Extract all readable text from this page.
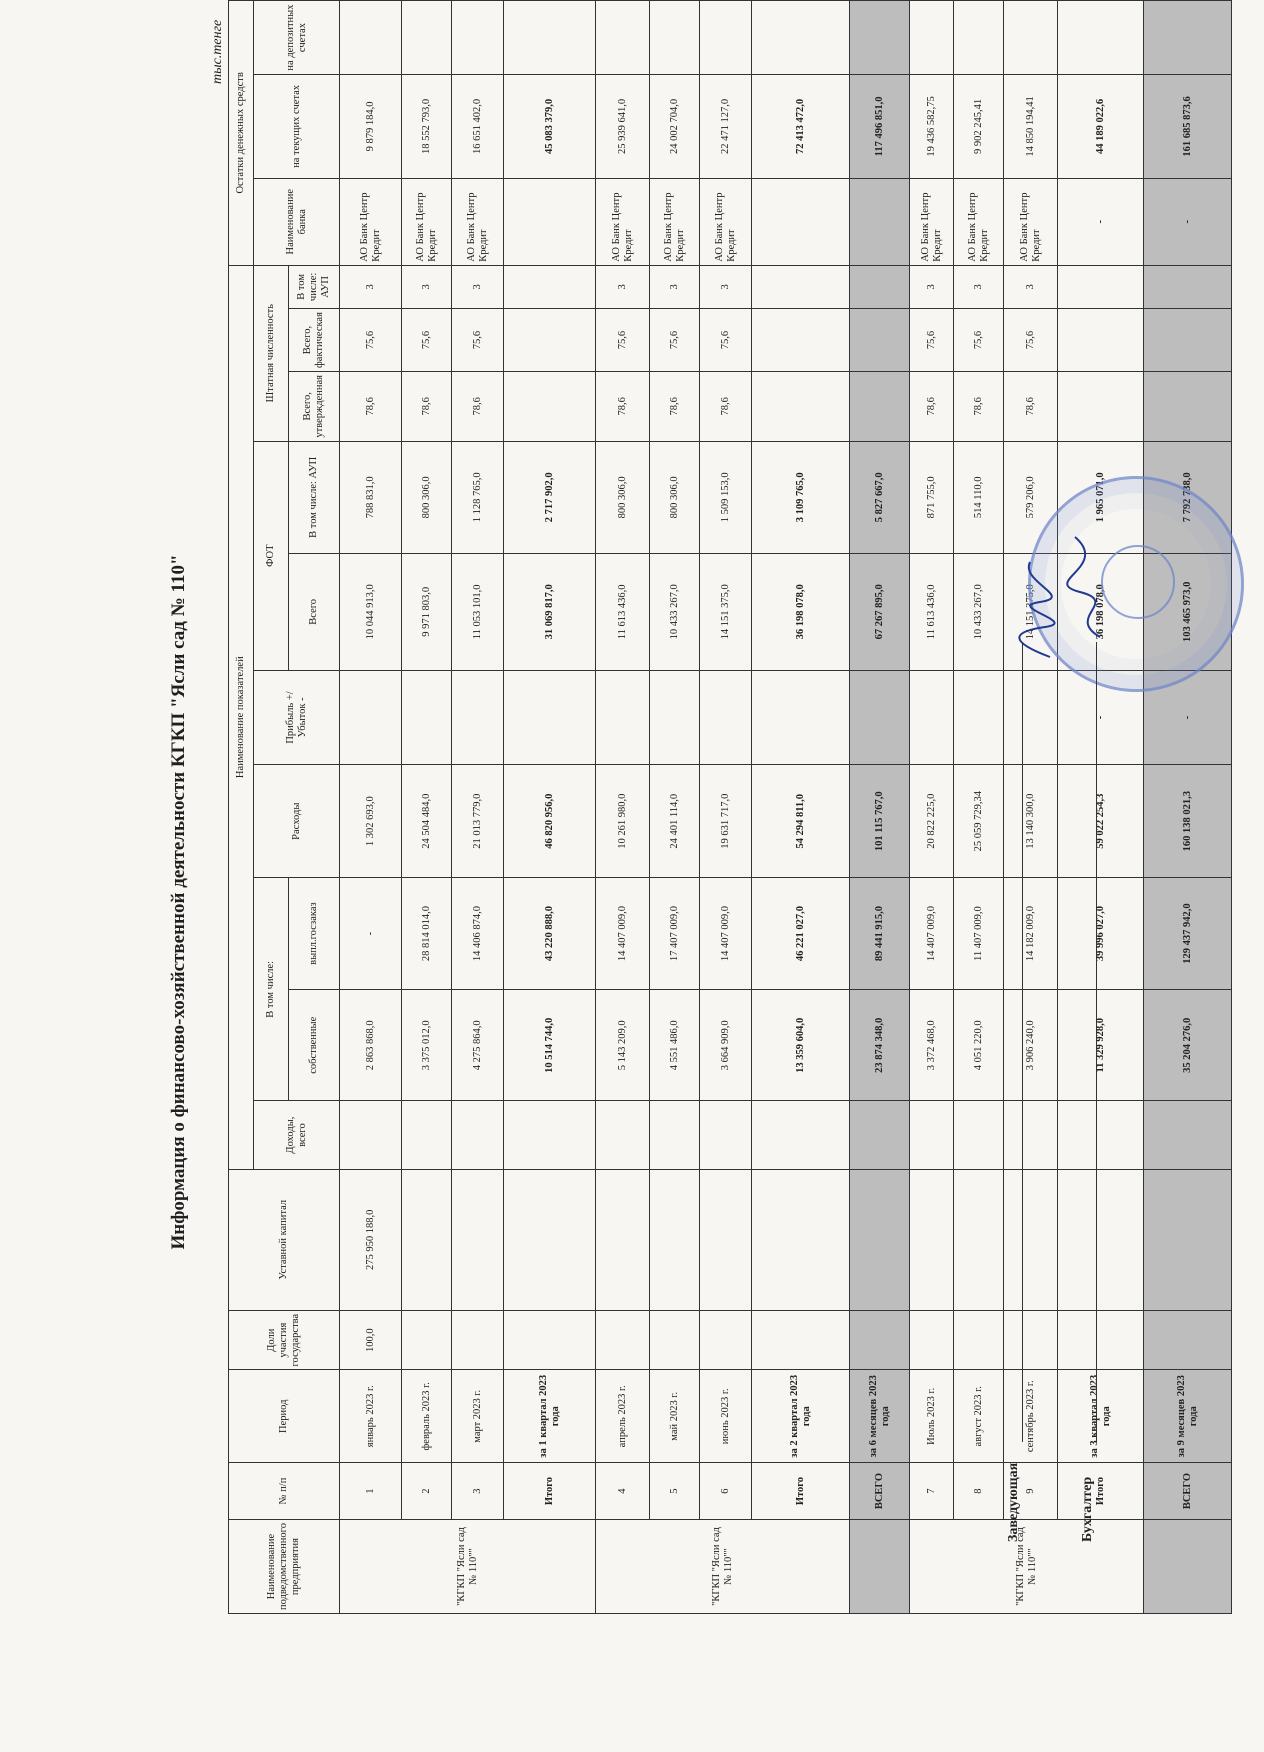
Информация о финансово-хозяйственной деятельности КГКП "Ясли сад № 110"
тыс.тенге
Наименование подведомственного предприятия	№ п/п	Период	Доли участия государства	Уставной капитал	Наименование показателей										Остатки денежных средств		
					Доходы, всего	В том числе:		Расходы	Прибыль +/ Убыток -	ФОТ		Штатная численность			Наименование банка	на текущих счетах	на депозитных счетах
						собственные	выпл.госзаказ			Всего	В том числе: АУП	Всего, утвержденная	Всего, фактическая	В том числе: АУП			
"КГКП "Ясли сад № 110""	1	январь 2023 г.	100,0	275 950 188,0		2 863 868,0	-	1 302 693,0		10 044 913,0	788 831,0	78,6	75,6	3	АО Банк Центр Кредит	9 879 184,0	
	2	февраль 2023 г.				3 375 012,0	28 814 014,0	24 504 484,0		9 971 803,0	800 306,0	78,6	75,6	3	АО Банк Центр Кредит	18 552 793,0	
	3	март 2023 г.				4 275 864,0	14 406 874,0	21 013 779,0		11 053 101,0	1 128 765,0	78,6	75,6	3	АО Банк Центр Кредит	16 651 402,0	
	Итого	за 1 квартал 2023 года				10 514 744,0	43 220 888,0	46 820 956,0		31 069 817,0	2 717 902,0					45 083 379,0	
"КГКП "Ясли сад № 110""	4	апрель 2023 г.				5 143 209,0	14 407 009,0	10 261 980,0		11 613 436,0	800 306,0	78,6	75,6	3	АО Банк Центр Кредит	25 939 641,0	
	5	май 2023 г.				4 551 486,0	17 407 009,0	24 401 114,0		10 433 267,0	800 306,0	78,6	75,6	3	АО Банк Центр Кредит	24 002 704,0	
	6	июнь 2023 г.				3 664 909,0	14 407 009,0	19 631 717,0		14 151 375,0	1 509 153,0	78,6	75,6	3	АО Банк Центр Кредит	22 471 127,0	
	Итого	за 2 квартал 2023 года				13 359 604,0	46 221 027,0	54 294 811,0		36 198 078,0	3 109 765,0					72 413 472,0	
	ВСЕГО	за 6 месяцев 2023 года				23 874 348,0	89 441 915,0	101 115 767,0		67 267 895,0	5 827 667,0					117 496 851,0	
"КГКП "Ясли сад № 110""	7	Июль 2023 г.				3 372 468,0	14 407 009,0	20 822 225,0		11 613 436,0	871 755,0	78,6	75,6	3	АО Банк Центр Кредит	19 436 582,75	
	8	август 2023 г.				4 051 220,0	11 407 009,0	25 059 729,34		10 433 267,0	514 110,0	78,6	75,6	3	АО Банк Центр Кредит	9 902 245,41	
	9	сентябрь 2023 г.				3 906 240,0	14 182 009,0	13 140 300,0		14 151 375,0	579 206,0	78,6	75,6	3	АО Банк Центр Кредит	14 850 194,41	
	Итого	за 3 квартал 2023 года				11 329 928,0	39 996 027,0	59 022 254,3	-	36 198 078,0	1 965 071,0				-	44 189 022,6	
	ВСЕГО	за 9 месяцев 2023 года				35 204 276,0	129 437 942,0	160 138 021,3	-	103 465 973,0	7 792 738,0				-	161 685 873,6	
Заведующая	Бухгалтер
